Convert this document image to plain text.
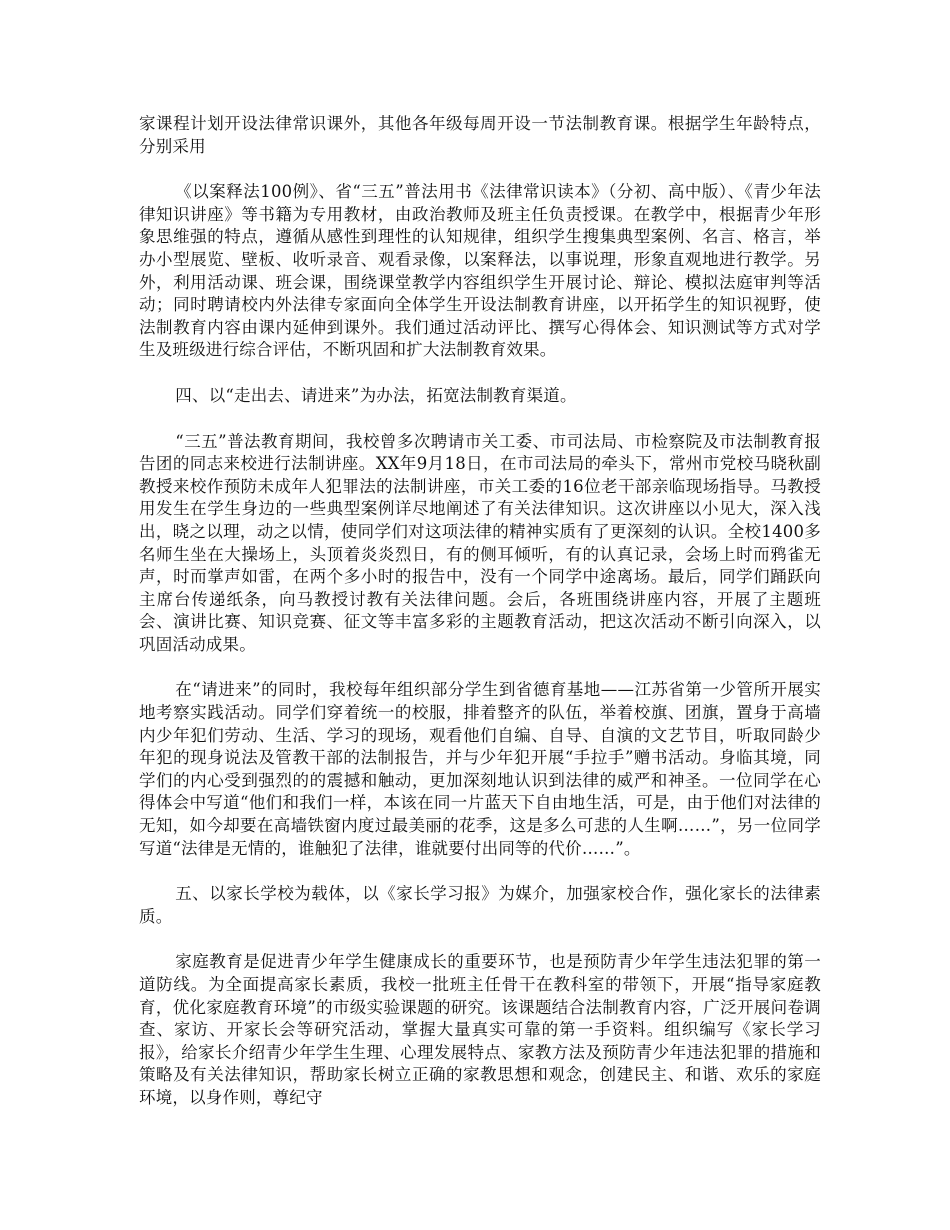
家课程计划开设法律常识课外，其他各年级每周开设一节法制教育课。根据学生年龄特点，分别采用

《以案释法100例》、省“三五”普法用书《法律常识读本》（分初、高中版）、《青少年法律知识讲座》等书籍为专用教材，由政治教师及班主任负责授课。在教学中，根据青少年形象思维强的特点，遵循从感性到理性的认知规律，组织学生搜集典型案例、名言、格言，举办小型展览、壁板、收听录音、观看录像，以案释法，以事说理，形象直观地进行教学。另外，利用活动课、班会课，围绕课堂教学内容组织学生开展讨论、辩论、模拟法庭审判等活动；同时聘请校内外法律专家面向全体学生开设法制教育讲座，以开拓学生的知识视野，使法制教育内容由课内延伸到课外。我们通过活动评比、撰写心得体会、知识测试等方式对学生及班级进行综合评估，不断巩固和扩大法制教育效果。

四、以“走出去、请进来”为办法，拓宽法制教育渠道。

“三五”普法教育期间，我校曾多次聘请市关工委、市司法局、市检察院及市法制教育报告团的同志来校进行法制讲座。XX年9月18日，在市司法局的牵头下，常州市党校马晓秋副教授来校作预防未成年人犯罪法的法制讲座，市关工委的16位老干部亲临现场指导。马教授用发生在学生身边的一些典型案例详尽地阐述了有关法律知识。这次讲座以小见大，深入浅出，晓之以理，动之以情，使同学们对这项法律的精神实质有了更深刻的认识。全校1400多名师生坐在大操场上，头顶着炎炎烈日，有的侧耳倾听，有的认真记录，会场上时而鸦雀无声，时而掌声如雷，在两个多小时的报告中，没有一个同学中途离场。最后，同学们踊跃向主席台传递纸条，向马教授讨教有关法律问题。会后，各班围绕讲座内容，开展了主题班会、演讲比赛、知识竞赛、征文等丰富多彩的主题教育活动，把这次活动不断引向深入，以巩固活动成果。

在“请进来”的同时，我校每年组织部分学生到省德育基地——江苏省第一少管所开展实地考察实践活动。同学们穿着统一的校服，排着整齐的队伍，举着校旗、团旗，置身于高墙内少年犯们劳动、生活、学习的现场，观看他们自编、自导、自演的文艺节目，听取同龄少年犯的现身说法及管教干部的法制报告，并与少年犯开展“手拉手”赠书活动。身临其境，同学们的内心受到强烈的的震撼和触动，更加深刻地认识到法律的威严和神圣。一位同学在心得体会中写道“他们和我们一样，本该在同一片蓝天下自由地生活，可是，由于他们对法律的无知，如今却要在高墙铁窗内度过最美丽的花季，这是多么可悲的人生啊……”，另一位同学写道“法律是无情的，谁触犯了法律，谁就要付出同等的代价……”。

五、以家长学校为载体，以《家长学习报》为媒介，加强家校合作，强化家长的法律素质。

家庭教育是促进青少年学生健康成长的重要环节，也是预防青少年学生违法犯罪的第一道防线。为全面提高家长素质，我校一批班主任骨干在教科室的带领下，开展“指导家庭教育，优化家庭教育环境”的市级实验课题的研究。该课题结合法制教育内容，广泛开展问卷调查、家访、开家长会等研究活动，掌握大量真实可靠的第一手资料。组织编写《家长学习报》，给家长介绍青少年学生生理、心理发展特点、家教方法及预防青少年违法犯罪的措施和策略及有关法律知识，帮助家长树立正确的家教思想和观念，创建民主、和谐、欢乐的家庭环境，以身作则，尊纪守
